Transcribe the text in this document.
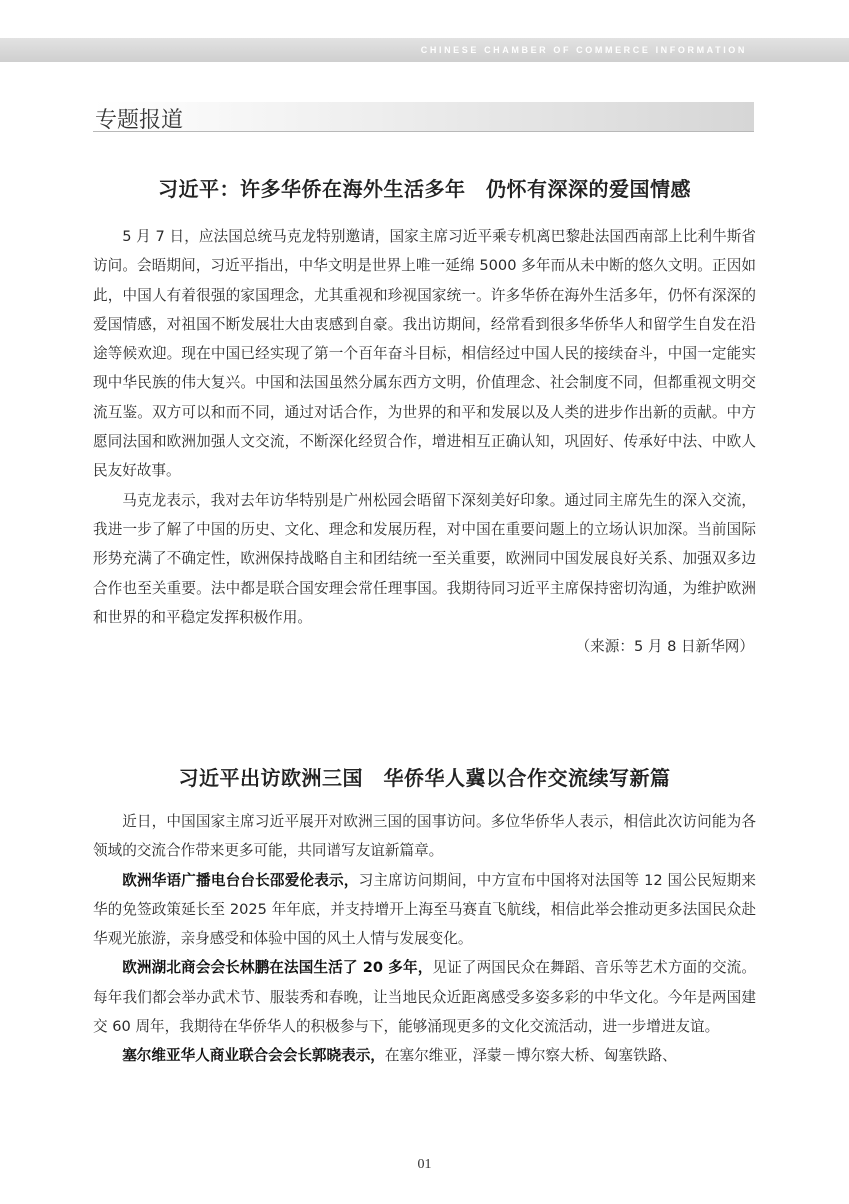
CHINESE CHAMBER OF COMMERCE INFORMATION
专题报道
习近平：许多华侨在海外生活多年　仍怀有深深的爱国情感

5 月 7 日，应法国总统马克龙特别邀请，国家主席习近平乘专机离巴黎赴法国西南部上比利牛斯省访问。会晤期间，习近平指出，中华文明是世界上唯一延绵 5000 多年而从未中断的悠久文明。正因如此，中国人有着很强的家国理念，尤其重视和珍视国家统一。许多华侨在海外生活多年，仍怀有深深的爱国情感，对祖国不断发展壮大由衷感到自豪。我出访期间，经常看到很多华侨华人和留学生自发在沿途等候欢迎。现在中国已经实现了第一个百年奋斗目标，相信经过中国人民的接续奋斗，中国一定能实现中华民族的伟大复兴。中国和法国虽然分属东西方文明，价值理念、社会制度不同，但都重视文明交流互鉴。双方可以和而不同，通过对话合作，为世界的和平和发展以及人类的进步作出新的贡献。中方愿同法国和欧洲加强人文交流，不断深化经贸合作，增进相互正确认知，巩固好、传承好中法、中欧人民友好故事。

马克龙表示，我对去年访华特别是广州松园会晤留下深刻美好印象。通过同主席先生的深入交流，我进一步了解了中国的历史、文化、理念和发展历程，对中国在重要问题上的立场认识加深。当前国际形势充满了不确定性，欧洲保持战略自主和团结统一至关重要，欧洲同中国发展良好关系、加强双多边合作也至关重要。法中都是联合国安理会常任理事国。我期待同习近平主席保持密切沟通，为维护欧洲和世界的和平稳定发挥积极作用。

（来源：5 月 8 日新华网）

习近平出访欧洲三国　华侨华人冀以合作交流续写新篇

近日，中国国家主席习近平展开对欧洲三国的国事访问。多位华侨华人表示，相信此次访问能为各领域的交流合作带来更多可能，共同谱写友谊新篇章。

欧洲华语广播电台台长邵爱伦表示，习主席访问期间，中方宣布中国将对法国等 12 国公民短期来华的免签政策延长至 2025 年年底，并支持增开上海至马赛直飞航线，相信此举会推动更多法国民众赴华观光旅游，亲身感受和体验中国的风土人情与发展变化。

欧洲湖北商会会长林鹏在法国生活了 20 多年，见证了两国民众在舞蹈、音乐等艺术方面的交流。每年我们都会举办武术节、服装秀和春晚，让当地民众近距离感受多姿多彩的中华文化。今年是两国建交 60 周年，我期待在华侨华人的积极参与下，能够涌现更多的文化交流活动，进一步增进友谊。

塞尔维亚华人商业联合会会长郭晓表示，在塞尔维亚，泽蒙－博尔察大桥、匈塞铁路、

01
